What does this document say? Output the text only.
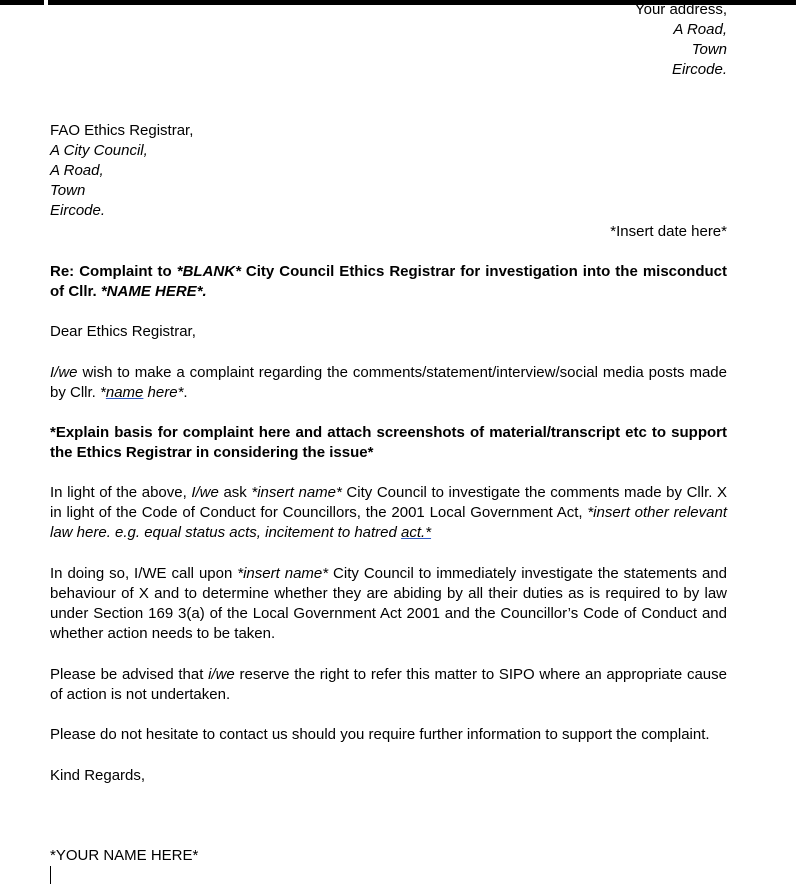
Your address,
A Road,
Town
Eircode.
FAO Ethics Registrar,
A City Council,
A Road,
Town
Eircode.
*Insert date here*
Re: Complaint to *BLANK* City Council Ethics Registrar for investigation into the misconduct of Cllr. *NAME HERE*.
Dear Ethics Registrar,
I/we wish to make a complaint regarding the comments/statement/interview/social media posts made by Cllr. *name here*.
*Explain basis for complaint here and attach screenshots of material/transcript etc to support the Ethics Registrar in considering the issue*
In light of the above, I/we ask *insert name* City Council to investigate the comments made by Cllr. X in light of the Code of Conduct for Councillors, the 2001 Local Government Act, *insert other relevant law here. e.g. equal status acts, incitement to hatred act.*
In doing so, I/WE call upon *insert name* City Council to immediately investigate the statements and behaviour of X and to determine whether they are abiding by all their duties as is required to by law under Section 169 3(a) of the Local Government Act 2001 and the Councillor’s Code of Conduct and whether action needs to be taken.
Please be advised that i/we reserve the right to refer this matter to SIPO where an appropriate cause of action is not undertaken.
Please do not hesitate to contact us should you require further information to support the complaint.
Kind Regards,
*YOUR NAME HERE*
